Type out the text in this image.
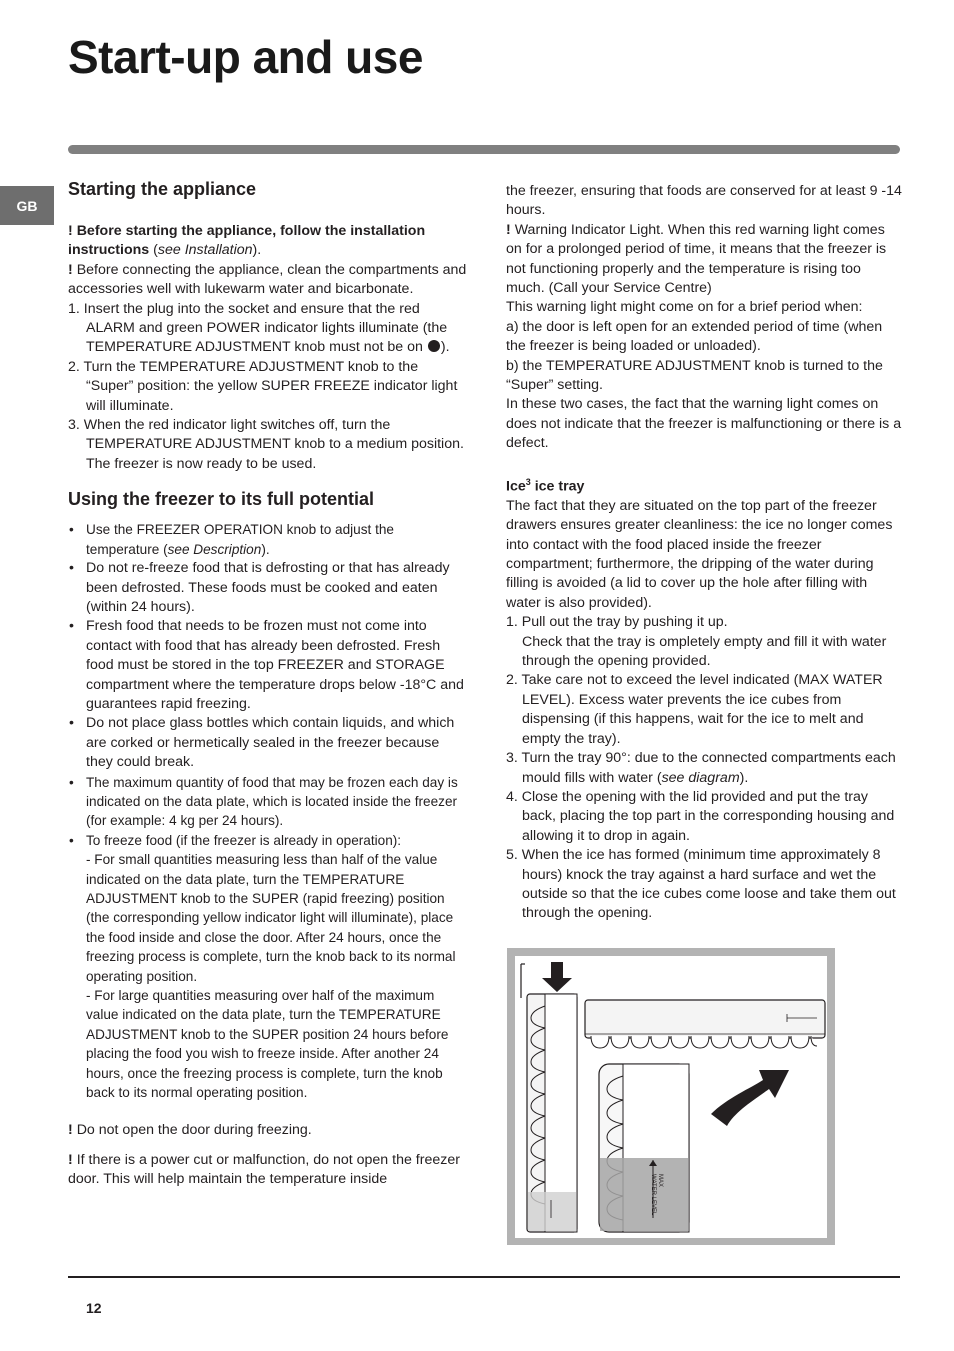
Start-up and use
GB
Starting the appliance

! Before starting the appliance, follow the installation instructions (see Installation).

! Before connecting the appliance, clean the compartments and accessories well with lukewarm water and bicarbonate.

1. Insert the plug into the socket and ensure that the red ALARM and green POWER indicator lights illuminate (the TEMPERATURE ADJUSTMENT knob must not be on ).

2. Turn the TEMPERATURE ADJUSTMENT knob to the “Super” position: the yellow SUPER FREEZE indicator light will illuminate.

3. When the red indicator light switches off, turn the TEMPERATURE ADJUSTMENT knob to a medium position. The freezer is now ready to be used.

Using the freezer to its full potential
• Use the FREEZER OPERATION knob to adjust the temperature (see Description).
• Do not re-freeze food that is defrosting or that has already been defrosted. These foods must be cooked and eaten (within 24 hours).
• Fresh food that needs to be frozen must not come into contact with food that has already been defrosted. Fresh food must be stored in the top FREEZER and STORAGE compartment where the temperature drops below -18°C and guarantees rapid freezing.
• Do not place glass bottles which contain liquids, and which are corked or hermetically sealed in the freezer because they could break.
• The maximum quantity of food that may be frozen each day is indicated on the data plate, which is located inside the freezer (for example: 4 kg per 24 hours).
• To freeze food (if the freezer is already in operation):
- For small quantities measuring less than half of the value indicated on the data plate, turn the TEMPERATURE ADJUSTMENT knob to the SUPER (rapid freezing) position (the corresponding yellow indicator light will illuminate), place the food inside and close the door. After 24 hours, once the freezing process is complete, turn the knob back to its normal operating position.
- For large quantities measuring over half of the maximum value indicated on the data plate, turn the TEMPERATURE ADJUSTMENT knob to the SUPER position 24 hours before placing the food you wish to freeze inside. After another 24 hours, once the freezing process is complete, turn the knob back to its normal operating position.

! Do not open the door during freezing.

! If there is a power cut or malfunction, do not open the freezer door. This will help maintain the temperature inside

the freezer, ensuring that foods are conserved for at least 9 -14 hours.

! Warning Indicator Light. When this red warning light comes on for a prolonged period of time, it means that the freezer is not functioning properly and the temperature is rising too much. (Call your Service Centre)

This warning light might come on for a brief period when:

a) the door is left open for an extended period of time (when the freezer is being loaded or unloaded).

b) the TEMPERATURE ADJUSTMENT knob is turned to the “Super” setting.

In these two cases, the fact that the warning light comes on does not indicate that the freezer is malfunctioning or there is a defect.

Ice$^3$ ice tray

The fact that they are situated on the top part of the freezer drawers ensures greater cleanliness: the ice no longer comes into contact with the food placed inside the freezer compartment; furthermore, the dripping of the water during filling is avoided (a lid to cover up the hole after filling with water is also provided).

1. Pull out the tray by pushing it up.

Check that the tray is ompletely empty and fill it with water through the opening provided.

2. Take care not to exceed the level indicated (MAX WATER LEVEL). Excess water prevents the ice cubes from dispensing (if this happens, wait for the ice to melt and empty the tray).

3. Turn the tray 90°: due to the connected compartments each mould fills with water (see diagram).

4. Close the opening with the lid provided and put the tray back, placing the top part in the corresponding housing and allowing it to drop in again.

5. When the ice has formed (minimum time approximately 8 hours) knock the tray against a hard surface and wet the outside so that the ice cubes come loose and take them out through the opening.

MAX
WATER LEVEL
12
